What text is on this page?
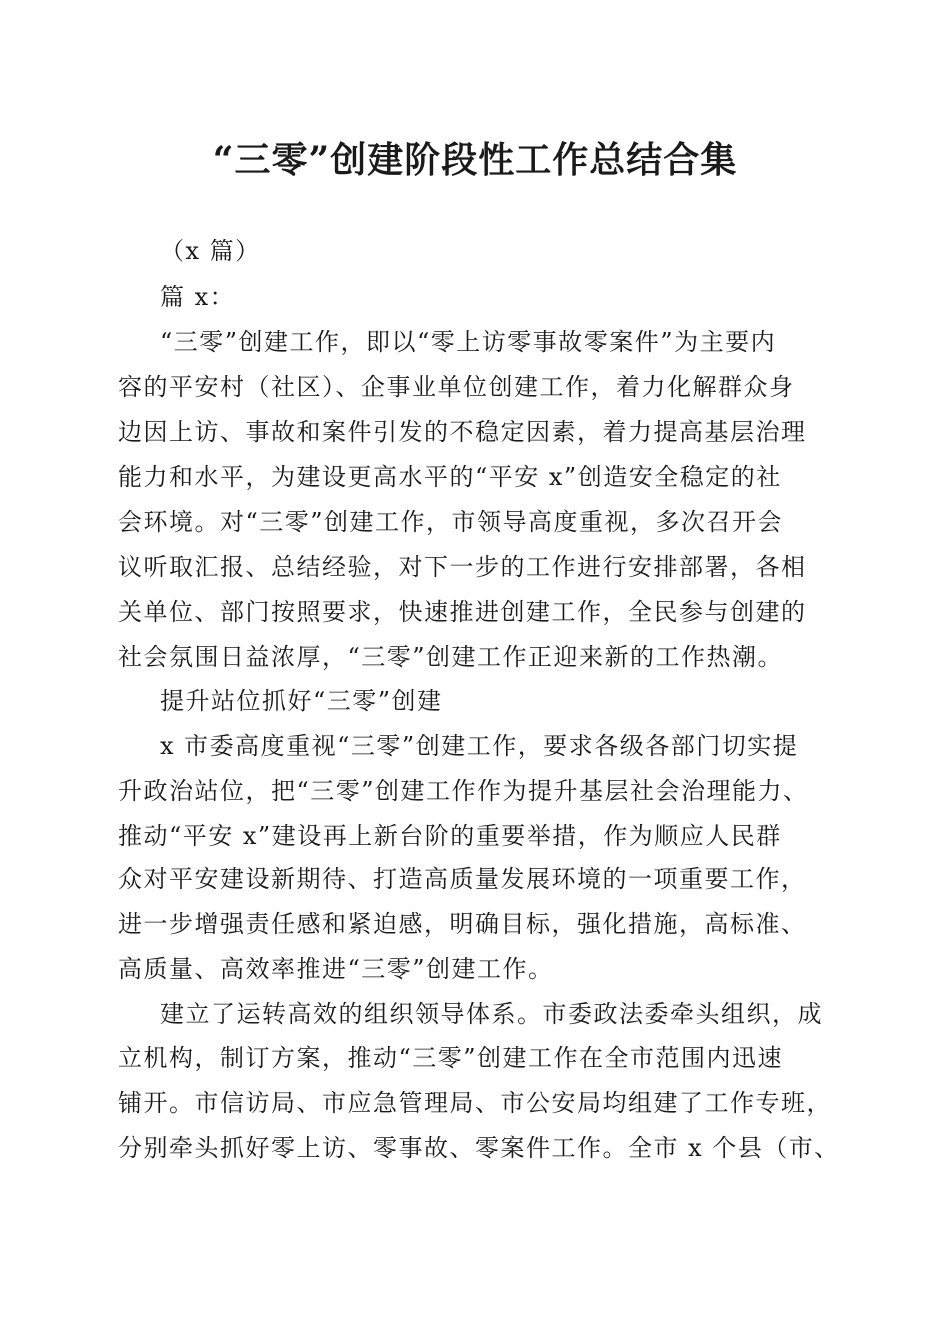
“三零”创建阶段性工作总结合集
（x 篇）
篇 x：
“三零”创建工作，即以“零上访零事故零案件”为主要内
容的平安村（社区）、企事业单位创建工作，着力化解群众身
边因上访、事故和案件引发的不稳定因素，着力提高基层治理
能力和水平，为建设更高水平的“平安 x”创造安全稳定的社
会环境。对“三零”创建工作，市领导高度重视，多次召开会
议听取汇报、总结经验，对下一步的工作进行安排部署，各相
关单位、部门按照要求，快速推进创建工作，全民参与创建的
社会氛围日益浓厚，“三零”创建工作正迎来新的工作热潮。
提升站位抓好“三零”创建
x 市委高度重视“三零”创建工作，要求各级各部门切实提
升政治站位，把“三零”创建工作作为提升基层社会治理能力、
推动“平安 x”建设再上新台阶的重要举措，作为顺应人民群
众对平安建设新期待、打造高质量发展环境的一项重要工作，
进一步增强责任感和紧迫感，明确目标，强化措施，高标准、
高质量、高效率推进“三零”创建工作。
建立了运转高效的组织领导体系。市委政法委牵头组织，成
立机构，制订方案，推动“三零”创建工作在全市范围内迅速
铺开。市信访局、市应急管理局、市公安局均组建了工作专班，
分别牵头抓好零上访、零事故、零案件工作。全市 x 个县（市、
